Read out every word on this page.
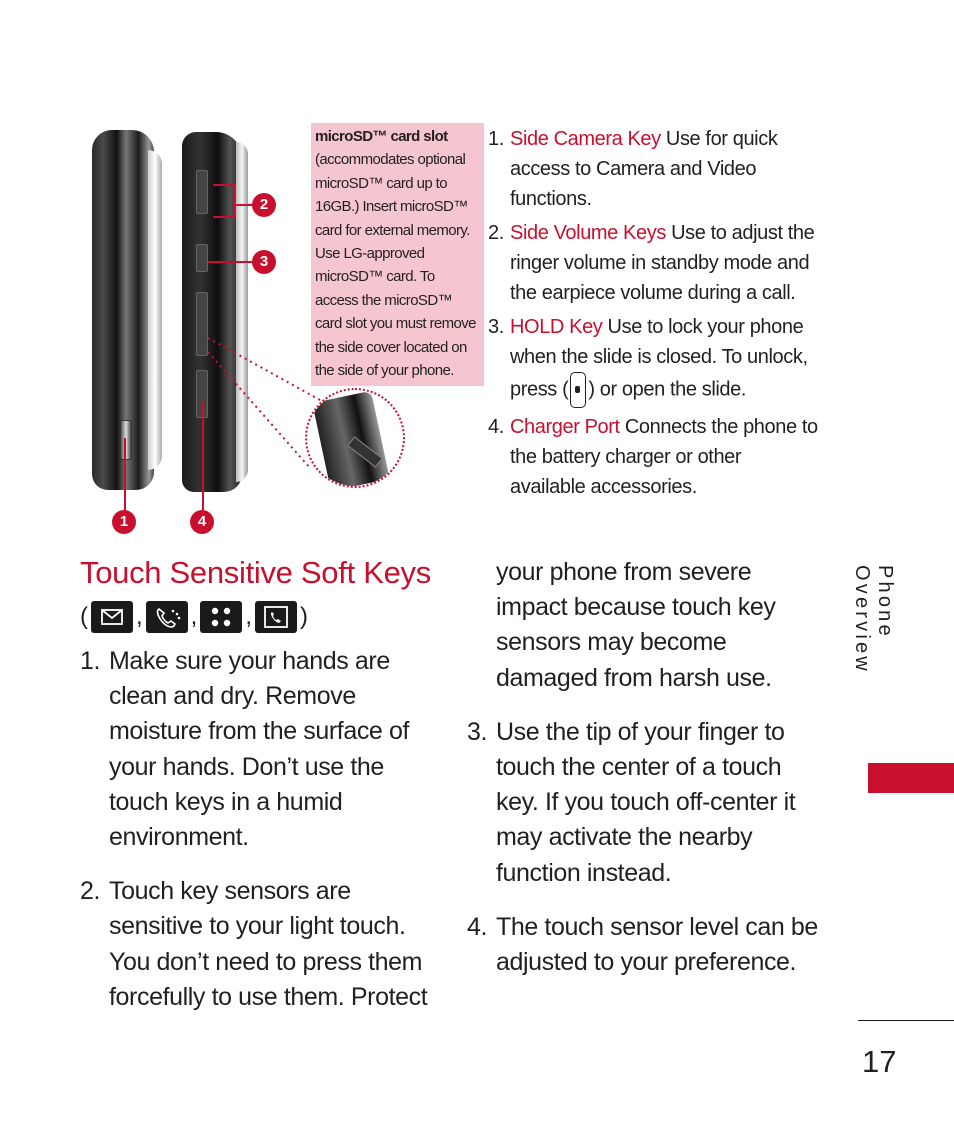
2
3
1	4
microSD™ card slot
(accommodates optional microSD™ card up to 16GB.) Insert microSD™ card for external memory. Use LG-approved microSD™ card. To access the microSD™ card slot you must remove the side cover located on the side of your phone.
1. Side Camera Key Use for quick access to Camera and Video functions.
2. Side Volume Keys Use to adjust the ringer volume in standby mode and the earpiece volume during a call.
3. HOLD Key Use to lock your phone when the slide is closed. To unlock, press ( ) or open the slide.
4. Charger Port Connects the phone to the battery charger or other available accessories.
Touch Sensitive Soft Keys
( , , , )
1. Make sure your hands are clean and dry. Remove moisture from the surface of your hands. Don’t use the touch keys in a humid environment.
2. Touch key sensors are sensitive to your light touch. You don’t need to press them forcefully to use them. Protect
your phone from severe impact because touch key sensors may become damaged from harsh use.
3. Use the tip of your finger to touch the center of a touch key. If you touch off-center it may activate the nearby function instead.
4. The touch sensor level can be adjusted to your preference.
Phone Overview
17
